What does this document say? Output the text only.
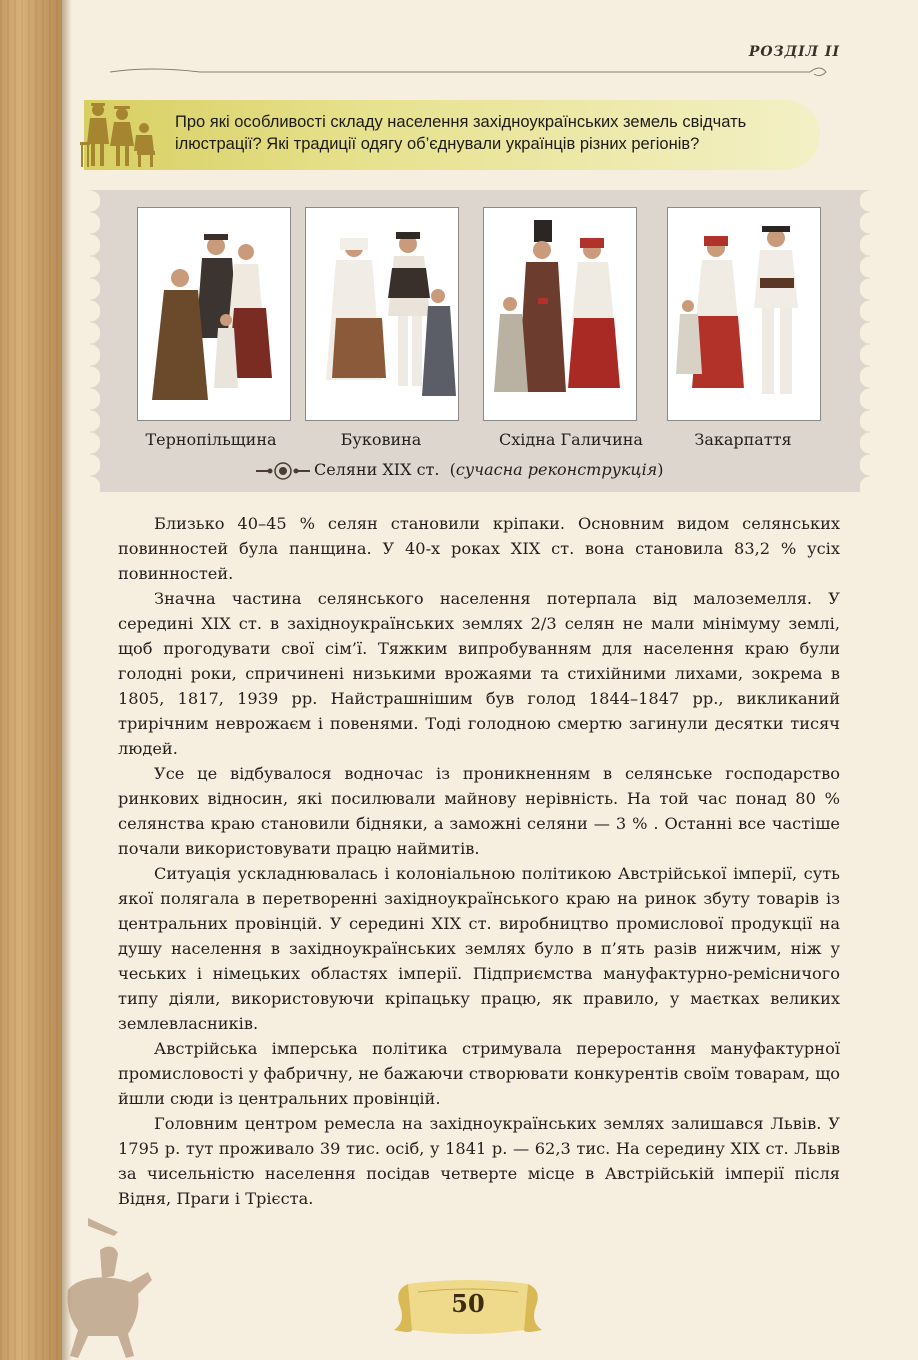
РОЗДІЛ II
Про які особливості складу населення західноукраїнських земель свідчать
ілюстрації? Які традиції одягу об’єднували українців різних регіонів?
Тернопільщина	Буковина	Східна Галичина	Закарпаття
Селяни XIX ст.  (сучасна реконструкція)

Близько 40–45 % селян становили кріпаки. Основним видом селянських повинностей була панщина. У 40-х роках XIX ст. вона становила 83,2 % усіх повинностей.

Значна частина селянського населення потерпала від малоземелля. У середині XIX ст. в західноукраїнських землях 2/3 селян не мали мінімуму землі, щоб прогодувати свої сім’ї. Тяжким випробуванням для населення краю були голодні роки, спричинені низькими врожаями та стихійними лихами, зокрема в 1805, 1817, 1939 рр. Найстрашнішим був голод 1844–1847 рр., викликаний трирічним неврожаєм і повенями. Тоді голодною смертю загинули десятки тисяч людей.

Усе це відбувалося водночас із проникненням в селянське господарство ринкових відносин, які посилювали майнову нерівність. На той час понад 80 % селянства краю становили бідняки, а заможні селяни — 3 % . Останні все частіше почали використовувати працю наймитів.

Ситуація ускладнювалась і колоніальною політикою Австрійської імперії, суть якої полягала в перетворенні західноукраїнського краю на ринок збуту товарів із центральних провінцій. У середині XIX ст. виробництво промислової продукції на душу населення в західноукраїнських землях було в п’ять разів нижчим, ніж у чеських і німецьких областях імперії. Підприємства мануфактурно-ремісничого типу діяли, використовуючи кріпацьку працю, як правило, у маєтках великих землевласників.

Австрійська імперська політика стримувала переростання мануфактурної промисловості у фабричну, не бажаючи створювати конкурентів своїм товарам, що йшли сюди із центральних провінцій.

Головним центром ремесла на західноукраїнських землях залишався Львів. У 1795 р. тут проживало 39 тис. осіб, у 1841 р. — 62,3 тис. На середину XIX ст. Львів за чисельністю населення посідав четверте місце в Австрійській імперії після Відня, Праги і Трієста.

50
